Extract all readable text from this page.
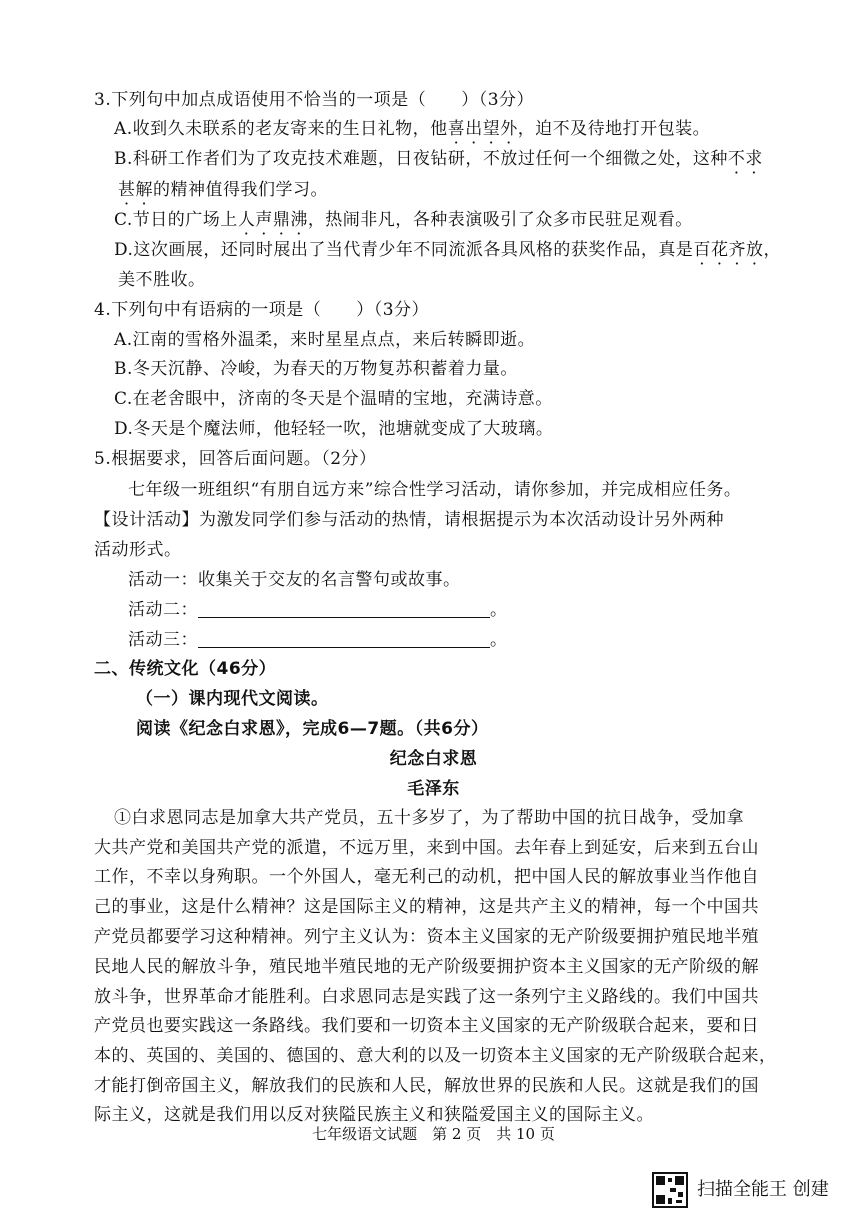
3.下列句中加点成语使用不恰当的一项是（　　）（3分）
A.收到久未联系的老友寄来的生日礼物，他喜出望外，迫不及待地打开包装。
B.科研工作者们为了攻克技术难题，日夜钻研，不放过任何一个细微之处，这种不求
甚解的精神值得我们学习。
C.节日的广场上人声鼎沸，热闹非凡，各种表演吸引了众多市民驻足观看。
D.这次画展，还同时展出了当代青少年不同流派各具风格的获奖作品，真是百花齐放，
美不胜收。
4.下列句中有语病的一项是（　　）（3分）
A.江南的雪格外温柔，来时星星点点，来后转瞬即逝。
B.冬天沉静、冷峻，为春天的万物复苏积蓄着力量。
C.在老舍眼中，济南的冬天是个温晴的宝地，充满诗意。
D.冬天是个魔法师，他轻轻一吹，池塘就变成了大玻璃。
5.根据要求，回答后面问题。（2分）
七年级一班组织“有朋自远方来”综合性学习活动，请你参加，并完成相应任务。
【设计活动】为激发同学们参与活动的热情，请根据提示为本次活动设计另外两种
活动形式。
活动一：收集关于交友的名言警句或故事。
活动二：	。
活动三：	。
二、传统文化（46分）
（一）课内现代文阅读。
阅读《纪念白求恩》，完成6—7题。（共6分）
纪念白求恩
毛泽东
①白求恩同志是加拿大共产党员，五十多岁了，为了帮助中国的抗日战争，受加拿
大共产党和美国共产党的派遣，不远万里，来到中国。去年春上到延安，后来到五台山
工作，不幸以身殉职。一个外国人，毫无利己的动机，把中国人民的解放事业当作他自
己的事业，这是什么精神？这是国际主义的精神，这是共产主义的精神，每一个中国共
产党员都要学习这种精神。列宁主义认为：资本主义国家的无产阶级要拥护殖民地半殖
民地人民的解放斗争，殖民地半殖民地的无产阶级要拥护资本主义国家的无产阶级的解
放斗争，世界革命才能胜利。白求恩同志是实践了这一条列宁主义路线的。我们中国共
产党员也要实践这一条路线。我们要和一切资本主义国家的无产阶级联合起来，要和日
本的、英国的、美国的、德国的、意大利的以及一切资本主义国家的无产阶级联合起来，
才能打倒帝国主义，解放我们的民族和人民，解放世界的民族和人民。这就是我们的国
际主义，这就是我们用以反对狭隘民族主义和狭隘爱国主义的国际主义。
七年级语文试题　第 2 页　共 10 页
扫描全能王 创建
